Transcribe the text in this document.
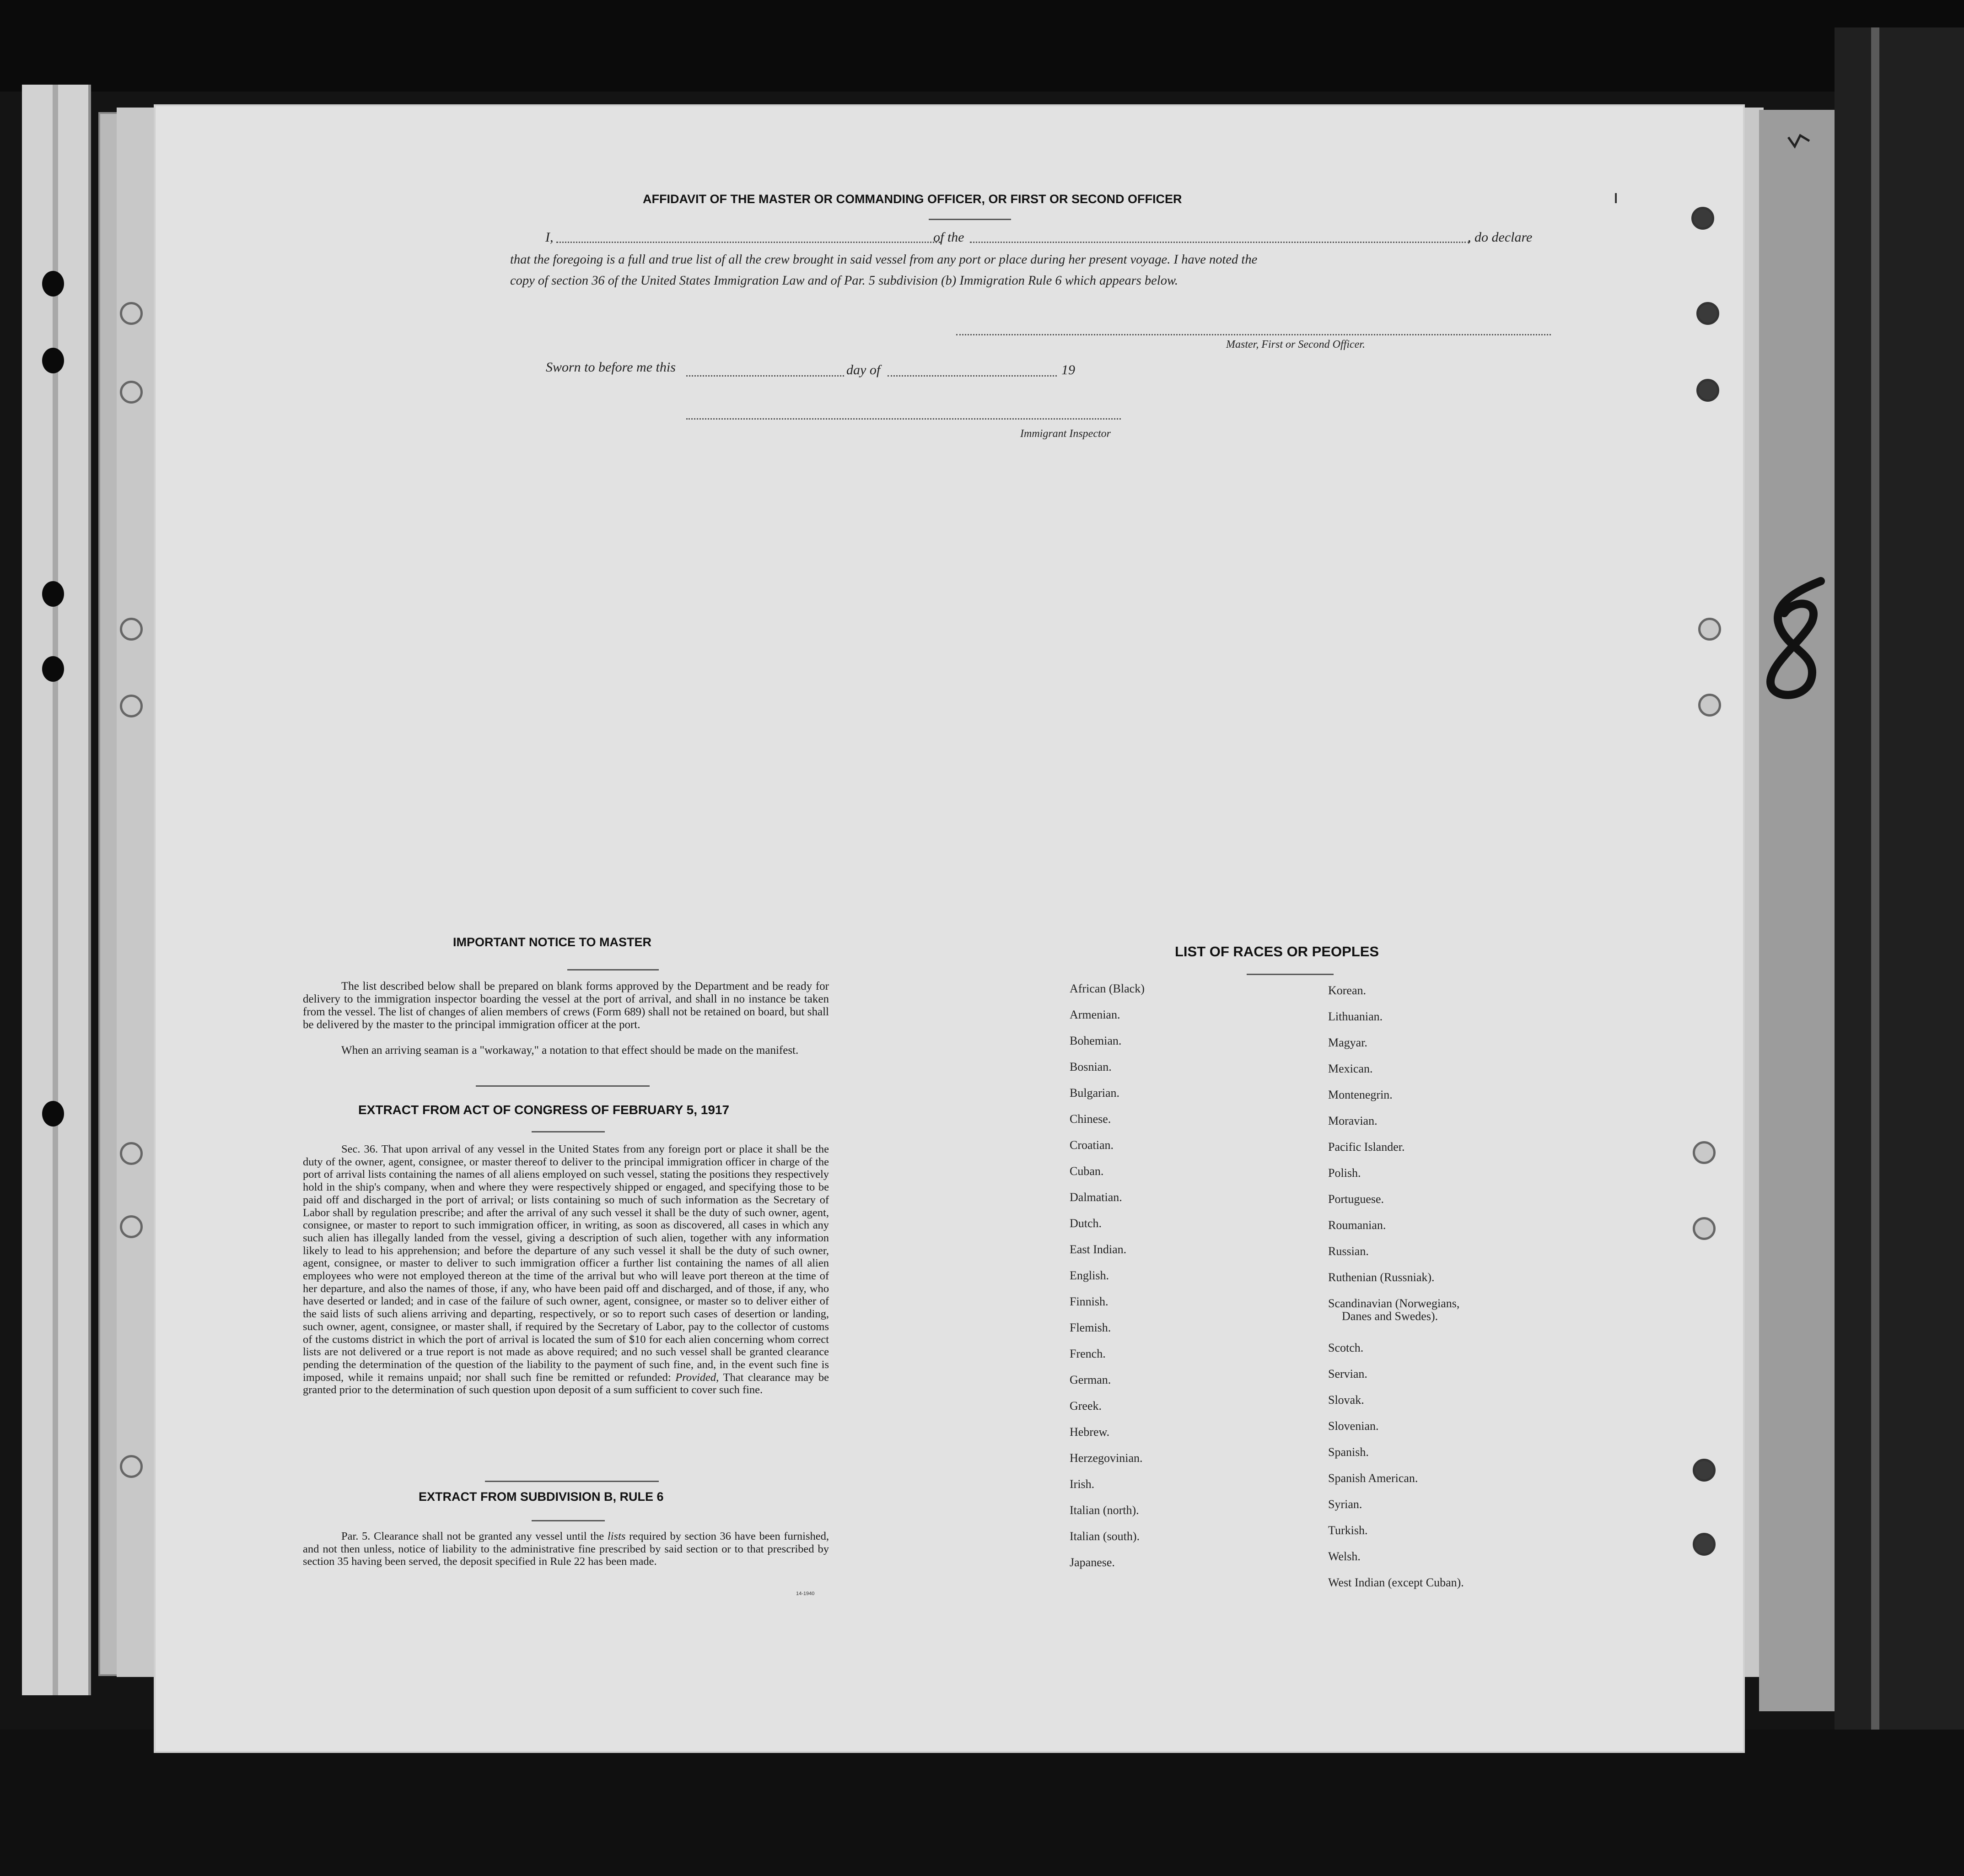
AFFIDAVIT OF THE MASTER OR COMMANDING OFFICER, OR FIRST OR SECOND OFFICER
I,	of the	, do declare
that the foregoing is a full and true list of all the crew brought in said vessel from any port or place during her present voyage. I have noted the
copy of section 36 of the United States Immigration Law and of Par. 5 subdivision (b) Immigration Rule 6 which appears below.
Master, First or Second Officer.
Sworn to before me this	day of	19
Immigrant Inspector
IMPORTANT NOTICE TO MASTER
The list described below shall be prepared on blank forms approved by the Department and be ready for delivery to the immigration inspector boarding the vessel at the port of arrival, and shall in no instance be taken from the vessel. The list of changes of alien members of crews (Form 689) shall not be retained on board, but shall be delivered by the master to the principal immigration officer at the port.
When an arriving seaman is a "workaway," a notation to that effect should be made on the manifest.
EXTRACT FROM ACT OF CONGRESS OF FEBRUARY 5, 1917
Sec. 36. That upon arrival of any vessel in the United States from any foreign port or place it shall be the duty of the owner, agent, consignee, or master thereof to deliver to the principal immigration officer in charge of the port of arrival lists containing the names of all aliens employed on such vessel, stating the positions they respectively hold in the ship's company, when and where they were respectively shipped or engaged, and specifying those to be paid off and discharged in the port of arrival; or lists containing so much of such information as the Secretary of Labor shall by regulation prescribe; and after the arrival of any such vessel it shall be the duty of such owner, agent, consignee, or master to report to such immigration officer, in writing, as soon as discovered, all cases in which any such alien has illegally landed from the vessel, giving a description of such alien, together with any information likely to lead to his apprehension; and before the departure of any such vessel it shall be the duty of such owner, agent, consignee, or master to deliver to such immigration officer a further list containing the names of all alien employees who were not employed thereon at the time of the arrival but who will leave port thereon at the time of her departure, and also the names of those, if any, who have been paid off and discharged, and of those, if any, who have deserted or landed; and in case of the failure of such owner, agent, consignee, or master so to deliver either of the said lists of such aliens arriving and departing, respectively, or so to report such cases of desertion or landing, such owner, agent, consignee, or master shall, if required by the Secretary of Labor, pay to the collector of customs of the customs district in which the port of arrival is located the sum of $10 for each alien concerning whom correct lists are not delivered or a true report is not made as above required; and no such vessel shall be granted clearance pending the determination of the question of the liability to the payment of such fine, and, in the event such fine is imposed, while it remains unpaid; nor shall such fine be remitted or refunded: Provided, That clearance may be granted prior to the determination of such question upon deposit of a sum sufficient to cover such fine.
EXTRACT FROM SUBDIVISION B, RULE 6
Par. 5. Clearance shall not be granted any vessel until the lists required by section 36 have been furnished, and not then unless, notice of liability to the administrative fine prescribed by said section or to that prescribed by section 35 having been served, the deposit specified in Rule 22 has been made.
14-1940
LIST OF RACES OR PEOPLES
African (Black)
Armenian.
Bohemian.
Bosnian.
Bulgarian.
Chinese.
Croatian.
Cuban.
Dalmatian.
Dutch.
East Indian.
English.
Finnish.
Flemish.
French.
German.
Greek.
Hebrew.
Herzegovinian.
Irish.
Italian (north).
Italian (south).
Japanese.
Korean.
Lithuanian.
Magyar.
Mexican.
Montenegrin.
Moravian.
Pacific Islander.
Polish.
Portuguese.
Roumanian.
Russian.
Ruthenian (Russniak).
Scandinavian (Norwegians,
Danes and Swedes).
Scotch.
Servian.
Slovak.
Slovenian.
Spanish.
Spanish American.
Syrian.
Turkish.
Welsh.
West Indian (except Cuban).
